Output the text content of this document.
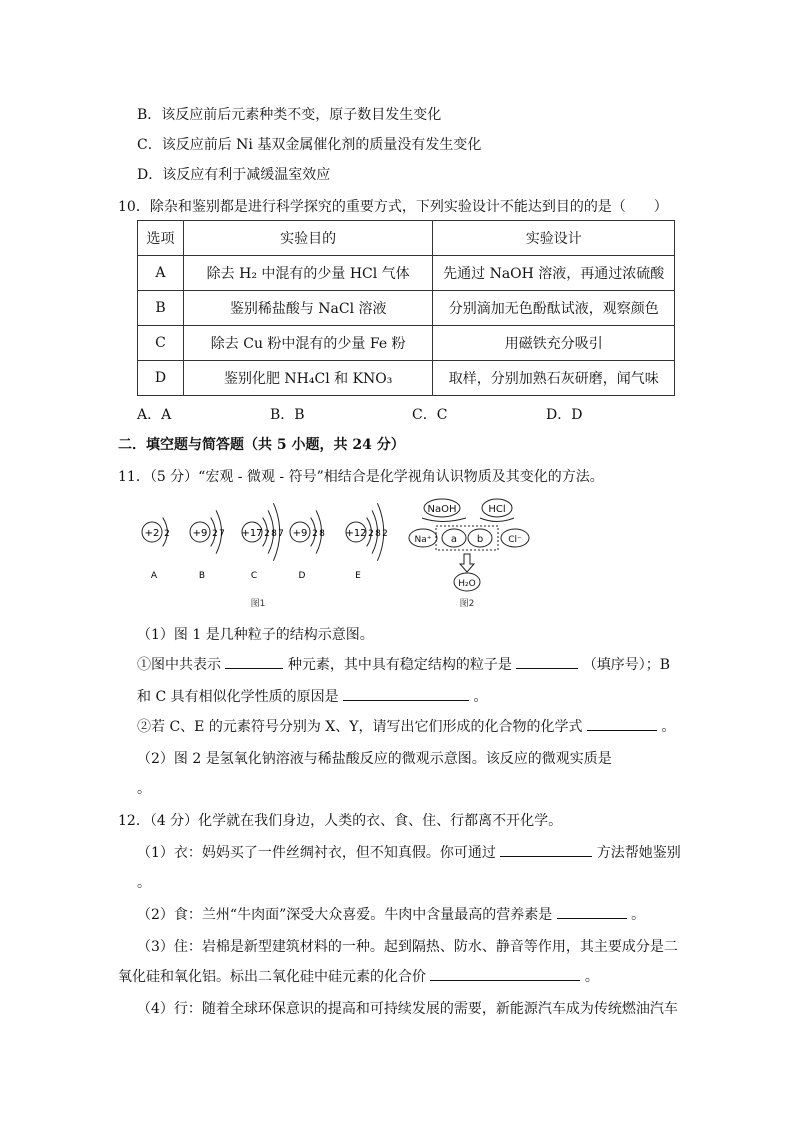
B．该反应前后元素种类不变，原子数目发生变化
C．该反应前后 Ni 基双金属催化剂的质量没有发生变化
D．该反应有利于减缓温室效应
10．除杂和鉴别都是进行科学探究的重要方式，下列实验设计不能达到目的的是（　　）
选项	实验目的	实验设计
A	除去 H₂ 中混有的少量 HCl 气体	先通过 NaOH 溶液，再通过浓硫酸
B	鉴别稀盐酸与 NaCl 溶液	分别滴加无色酚酞试液，观察颜色
C	除去 Cu 粉中混有的少量 Fe 粉	用磁铁充分吸引
D	鉴别化肥 NH₄Cl 和 KNO₃	取样，分别加熟石灰研磨，闻气味
A．A	B．B	C．C	D．D
二．填空题与简答题（共 5 小题，共 24 分）
11．（5 分）“宏观 - 微观 - 符号”相结合是化学视角认识物质及其变化的方法。
+2 2
A
+9 2 7
B
+17 2 8 7
C
+9 2 8
D
+12 2 8 2
E
NaOH	HCl
Na⁺ a b	Cl⁻
H₂O
图2
图1
（1）图 1 是几种粒子的结构示意图。
①图中共表示	种元素，其中具有稳定结构的粒子是	（填序号）；B
和 C 具有相似化学性质的原因是	。
②若 C、E 的元素符号分别为 X、Y，请写出它们形成的化合物的化学式	。
（2）图 2 是氢氧化钠溶液与稀盐酸反应的微观示意图。该反应的微观实质是
。
12．（4 分）化学就在我们身边，人类的衣、食、住、行都离不开化学。
（1）衣：妈妈买了一件丝绸衬衣，但不知真假。你可通过	方法帮她鉴别
。
（2）食：兰州“牛肉面”深受大众喜爱。牛肉中含量最高的营养素是	。
（3）住：岩棉是新型建筑材料的一种。起到隔热、防水、静音等作用，其主要成分是二
氧化硅和氧化铝。标出二氧化硅中硅元素的化合价	。
（4）行：随着全球环保意识的提高和可持续发展的需要，新能源汽车成为传统燃油汽车
